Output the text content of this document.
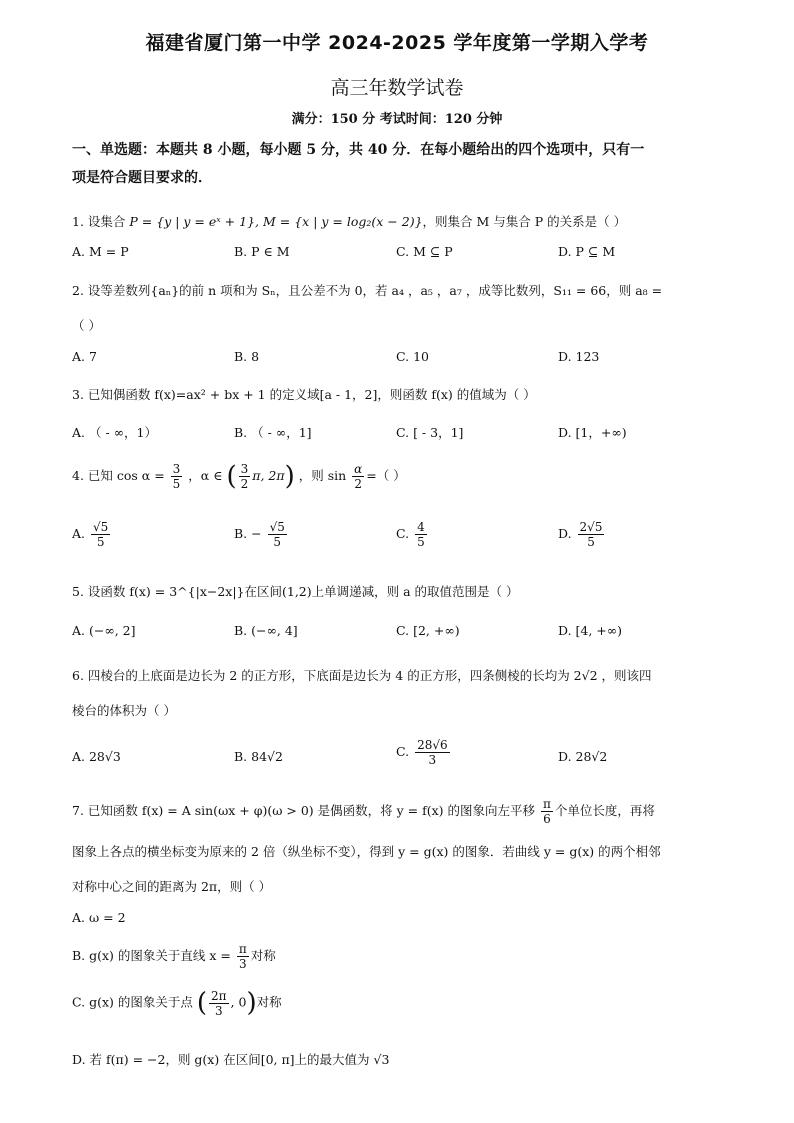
福建省厦门第一中学 2024-2025 学年度第一学期入学考
高三年数学试卷
满分：150 分 考试时间：120 分钟
一、单选题：本题共 8 小题，每小题 5 分，共 40 分．在每小题给出的四个选项中，只有一
项是符合题目要求的．
1. 设集合 P = {y | y = eˣ + 1}, M = {x | y = log₂(x − 2)}，则集合 M 与集合 P 的关系是（ ）
A. M = P	B. P ∈ M	C. M ⊆ P	D. P ⊆ M
2. 设等差数列{aₙ}的前 n 项和为 Sₙ，且公差不为 0，若 a₄ ，a₅ ，a₇ ，成等比数列，S₁₁ = 66，则 a₈ =
（ ）
A. 7	B. 8	C. 10	D. 123
3. 已知偶函数 f(x)=ax² + bx + 1 的定义域[a - 1，2]，则函数 f(x) 的值域为（ ）
A. （ - ∞，1）	B. （ - ∞，1]	C. [ - 3，1]	D. [1，+∞)
4. 已知 $\cos \alpha = \frac{3}{5}$ ，α ∈ ( $\frac{3}{2} \pi$, 2π) ，则 $\sin \frac{\alpha}{2}$ =（ ）
A. $\frac{√5}{5}$	B. − $\frac{√5}{5}$	C. $\frac{4}{5}$	D. $\frac{2√5}{5}$
5. 设函数 f(x) = 3^{|x−2x|}在区间(1,2)上单调递减，则 a 的取值范围是（ ）
A. (−∞, 2]	B. (−∞, 4]	C. [2, +∞)	D. [4, +∞)
6. 四棱台的上底面是边长为 2 的正方形，下底面是边长为 4 的正方形，四条侧棱的长均为 2√2 ，则该四
棱台的体积为（ ）
A. 28√3	B. 84√2	C. $\frac{28√6}{3}$	D. 28√2
7. 已知函数 f(x) = A sin(ωx + φ)(ω > 0) 是偶函数，将 y = f(x) 的图象向左平移 $\frac{\pi}{6}$ 个单位长度，再将
图象上各点的横坐标变为原来的 2 倍（纵坐标不变），得到 y = g(x) 的图象．若曲线 y = g(x) 的两个相邻
对称中心之间的距离为 2π，则（ ）
A. ω = 2
B. g(x) 的图象关于直线 $x = \frac{\pi}{3}$ 对称
C. g(x) 的图象关于点 ( $\frac{2\pi}{3}$ , 0)对称
D. 若 f(π) = −2，则 g(x) 在区间[0, π]上的最大值为 √3
